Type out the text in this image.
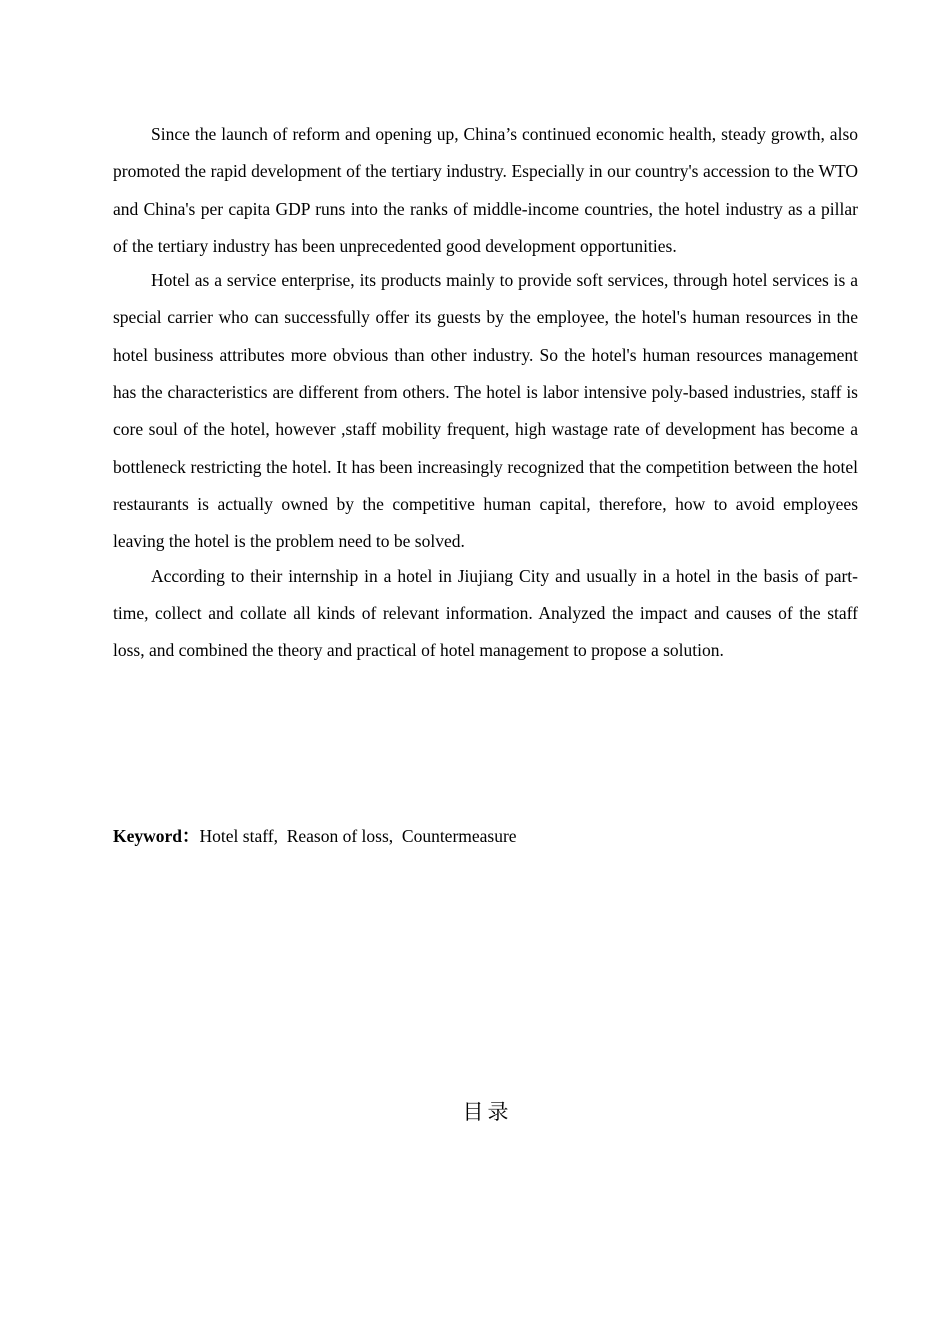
Since the launch of reform and opening up, China’s continued economic health, steady growth, also promoted the rapid development of the tertiary industry. Especially in our country's accession to the WTO and China's per capita GDP runs into the ranks of middle-income countries, the hotel industry as a pillar of the tertiary industry has been unprecedented good development opportunities.

Hotel as a service enterprise, its products mainly to provide soft services, through hotel services is a special carrier who can successfully offer its guests by the employee, the hotel's human resources in the hotel business attributes more obvious than other industry. So the hotel's human resources management has the characteristics are different from others. The hotel is labor intensive poly-based industries, staff is core soul of the hotel, however ,staff mobility frequent, high wastage rate of development has become a bottleneck restricting the hotel. It has been increasingly recognized that the competition between the hotel restaurants is actually owned by the competitive human capital, therefore, how to avoid employees leaving the hotel is the problem need to be solved.

According to their internship in a hotel in Jiujiang City and usually in a hotel in the basis of part-time, collect and collate all kinds of relevant information. Analyzed the impact and causes of the staff loss, and combined the theory and practical of hotel management to propose a solution.

Keyword：Hotel staff,  Reason of loss,  Countermeasure
目录
